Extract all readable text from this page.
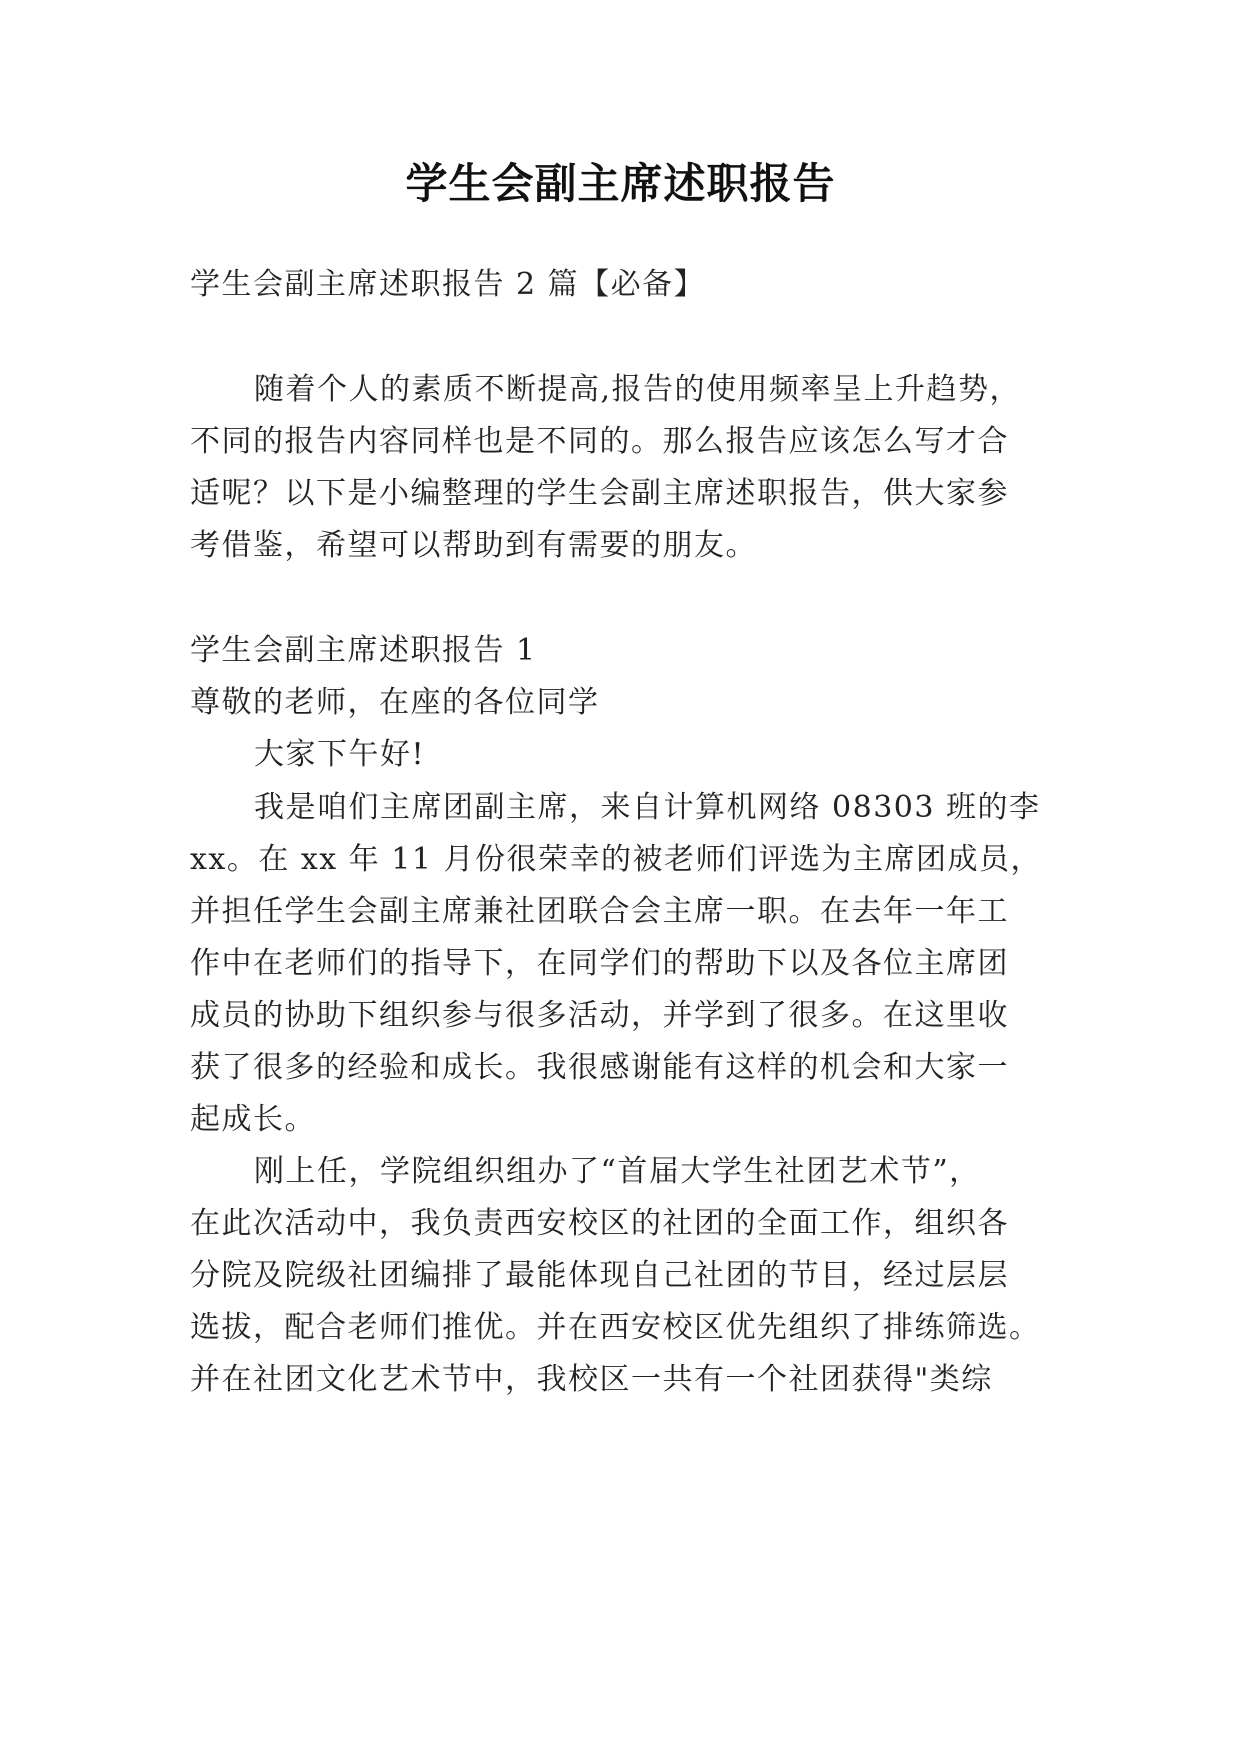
学生会副主席述职报告
学生会副主席述职报告 2 篇【必备】
随着个人的素质不断提高,报告的使用频率呈上升趋势，
不同的报告内容同样也是不同的。那么报告应该怎么写才合
适呢？以下是小编整理的学生会副主席述职报告，供大家参
考借鉴，希望可以帮助到有需要的朋友。
学生会副主席述职报告 1
尊敬的老师，在座的各位同学
大家下午好!
我是咱们主席团副主席，来自计算机网络 08303 班的李
xx。在 xx 年 11 月份很荣幸的被老师们评选为主席团成员，
并担任学生会副主席兼社团联合会主席一职。在去年一年工
作中在老师们的指导下，在同学们的帮助下以及各位主席团
成员的协助下组织参与很多活动，并学到了很多。在这里收
获了很多的经验和成长。我很感谢能有这样的机会和大家一
起成长。
刚上任，学院组织组办了“首届大学生社团艺术节”，
在此次活动中，我负责西安校区的社团的全面工作，组织各
分院及院级社团编排了最能体现自己社团的节目，经过层层
选拔，配合老师们推优。并在西安校区优先组织了排练筛选。
并在社团文化艺术节中，我校区一共有一个社团获得"类综
